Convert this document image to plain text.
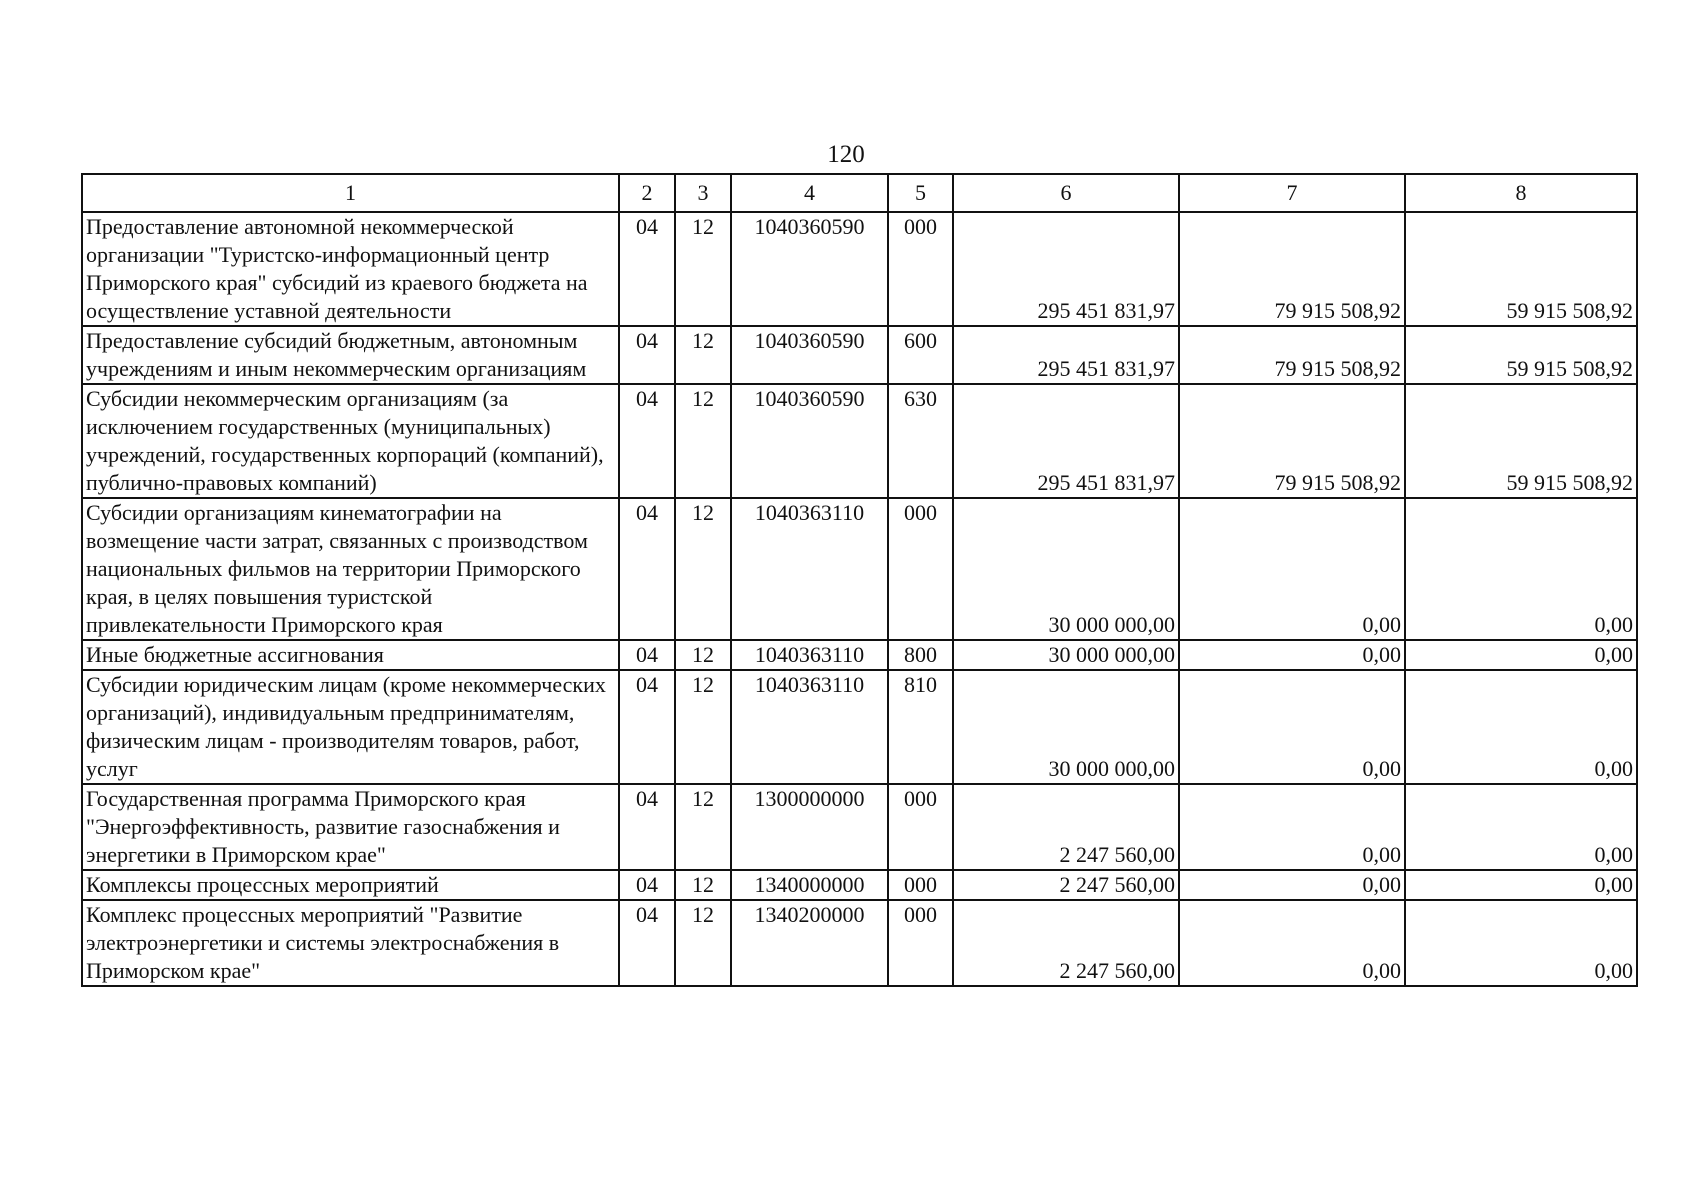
120
1	2	3	4	5	6	7	8
Предоставление автономной некоммерческой организации "Туристско-информационный центр Приморского края" субсидий из краевого бюджета на осуществление уставной деятельности	04	12	1040360590	000	295 451 831,97	79 915 508,92	59 915 508,92
Предоставление субсидий бюджетным, автономным учреждениям и иным некоммерческим организациям	04	12	1040360590	600	295 451 831,97	79 915 508,92	59 915 508,92
Субсидии некоммерческим организациям (за исключением государственных (муниципальных) учреждений, государственных корпораций (компаний), публично-правовых компаний)	04	12	1040360590	630	295 451 831,97	79 915 508,92	59 915 508,92
Субсидии организациям кинематографии на возмещение части затрат, связанных с производством национальных фильмов на территории Приморского края, в целях повышения туристской привлекательности Приморского края	04	12	1040363110	000	30 000 000,00	0,00	0,00
Иные бюджетные ассигнования	04	12	1040363110	800	30 000 000,00	0,00	0,00
Субсидии юридическим лицам (кроме некоммерческих организаций), индивидуальным предпринимателям, физическим лицам - производителям товаров, работ, услуг	04	12	1040363110	810	30 000 000,00	0,00	0,00
Государственная программа Приморского края "Энергоэффективность, развитие газоснабжения и энергетики в Приморском крае"	04	12	1300000000	000	2 247 560,00	0,00	0,00
Комплексы процессных мероприятий	04	12	1340000000	000	2 247 560,00	0,00	0,00
Комплекс процессных мероприятий "Развитие электроэнергетики и системы электроснабжения в Приморском крае"	04	12	1340200000	000	2 247 560,00	0,00	0,00
